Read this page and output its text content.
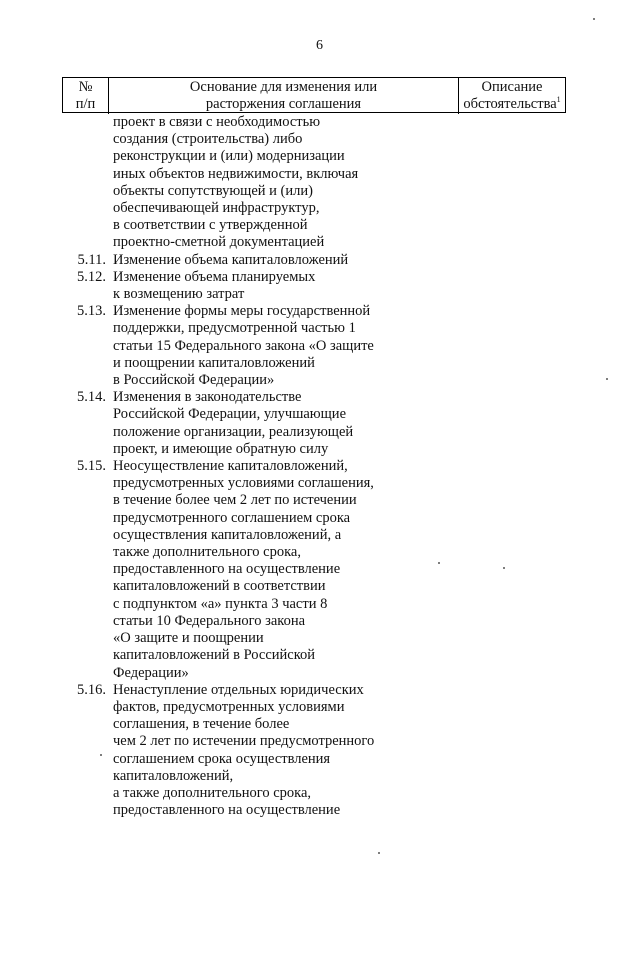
6
№
п/п
Основание для изменения или
расторжения соглашения
Описание
обстоятельства$^1$
проект в связи с необходимостью
создания (строительства) либо
реконструкции и (или) модернизации
иных объектов недвижимости, включая
объекты сопутствующей и (или)
обеспечивающей инфраструктур,
в соответствии с утвержденной
проектно-сметной документацией
5.11. Изменение объема капиталовложений
5.12. Изменение объема планируемых
к возмещению затрат
5.13. Изменение формы меры государственной
поддержки, предусмотренной частью 1
статьи 15 Федерального закона «О защите
и поощрении капиталовложений
в Российской Федерации»
5.14. Изменения в законодательстве
Российской Федерации, улучшающие
положение организации, реализующей
проект, и имеющие обратную силу
5.15. Неосуществление капиталовложений,
предусмотренных условиями соглашения,
в течение более чем 2 лет по истечении
предусмотренного соглашением срока
осуществления капиталовложений, а
также дополнительного срока,
предоставленного на осуществление
капиталовложений в соответствии
с подпунктом «а» пункта 3 части 8
статьи 10 Федерального закона
«О защите и поощрении
капиталовложений в Российской
Федерации»
5.16. Ненаступление отдельных юридических
фактов, предусмотренных условиями
соглашения, в течение более
чем 2 лет по истечении предусмотренного
соглашением срока осуществления
капиталовложений,
а также дополнительного срока,
предоставленного на осуществление
